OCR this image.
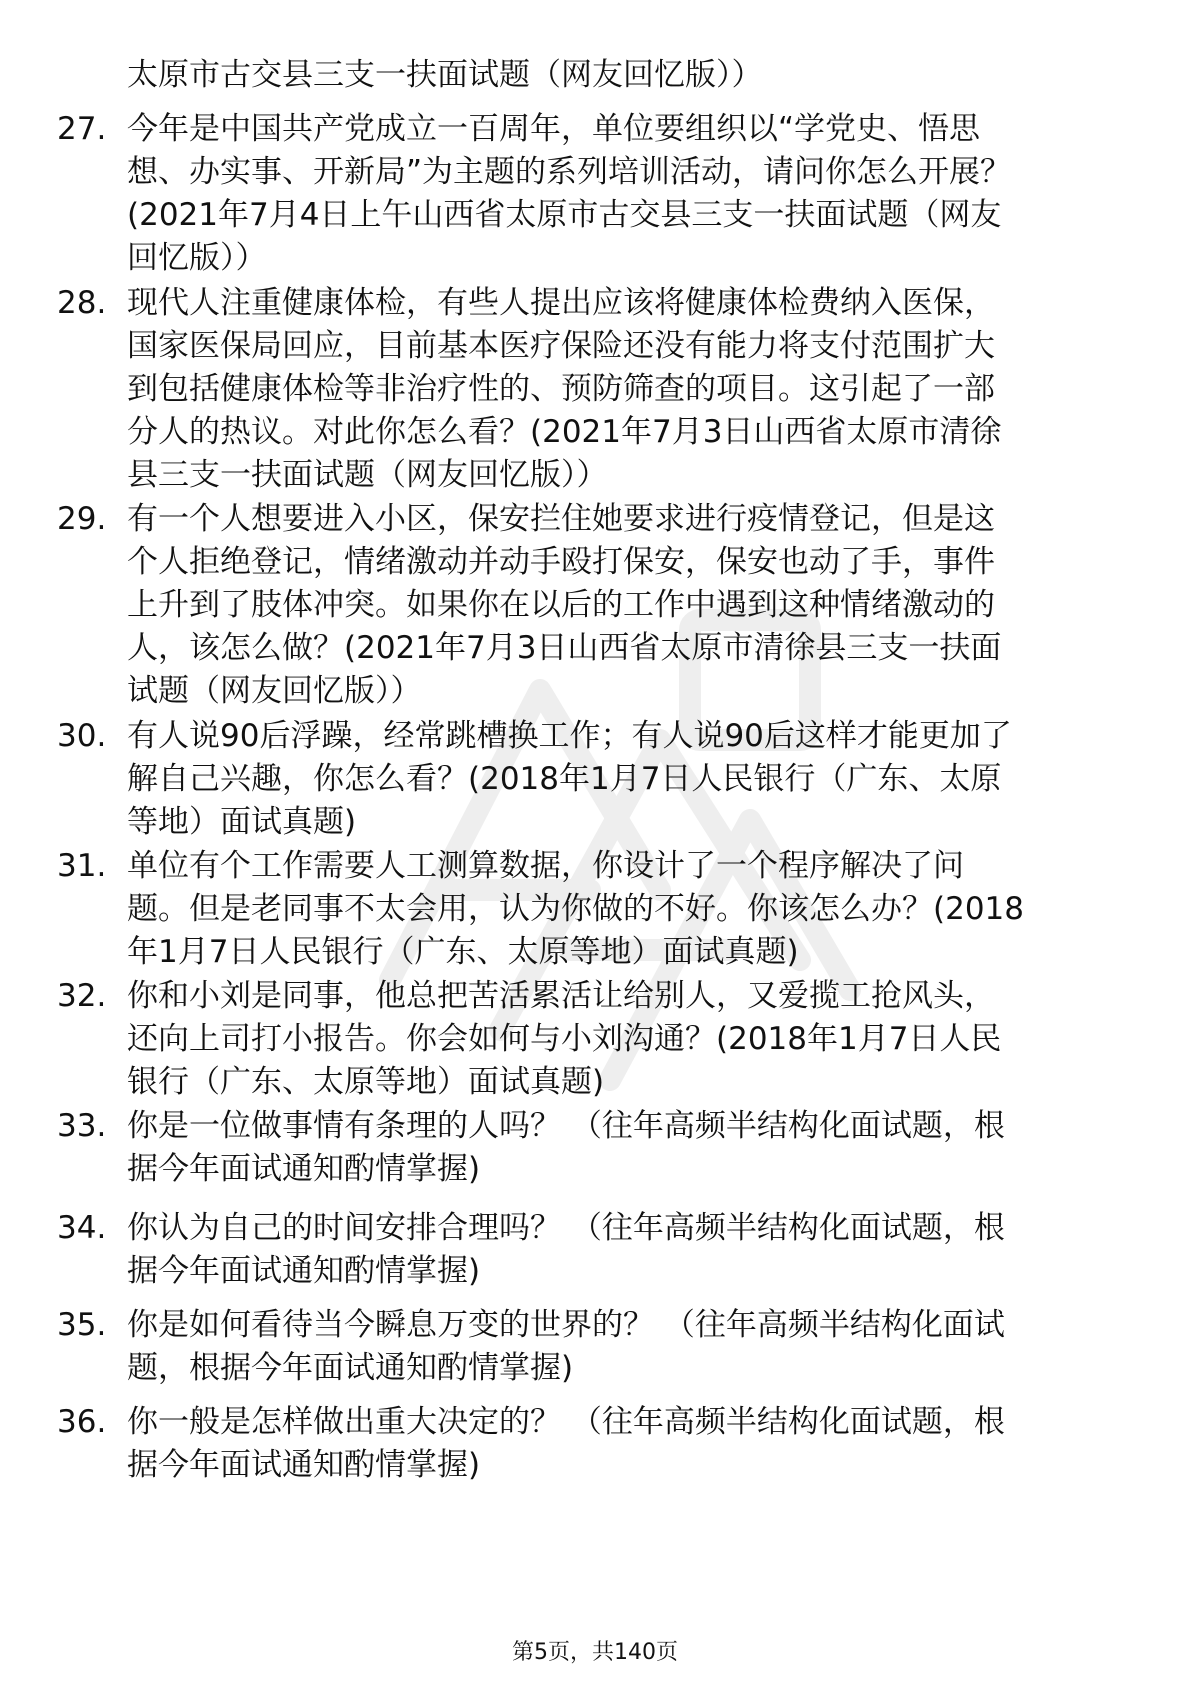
太原市古交县三支一扶面试题（网友回忆版））
27. 今年是中国共产党成立一百周年，单位要组织以“学党史、悟思
想、办实事、开新局”为主题的系列培训活动，请问你怎么开展？
(2021年7月4日上午山西省太原市古交县三支一扶面试题（网友
回忆版））
28. 现代人注重健康体检，有些人提出应该将健康体检费纳入医保，
国家医保局回应，目前基本医疗保险还没有能力将支付范围扩大
到包括健康体检等非治疗性的、预防筛查的项目。这引起了一部
分人的热议。对此你怎么看？(2021年7月3日山西省太原市清徐
县三支一扶面试题（网友回忆版））
29. 有一个人想要进入小区，保安拦住她要求进行疫情登记，但是这
个人拒绝登记，情绪激动并动手殴打保安，保安也动了手，事件
上升到了肢体冲突。如果你在以后的工作中遇到这种情绪激动的
人，该怎么做？(2021年7月3日山西省太原市清徐县三支一扶面
试题（网友回忆版））
30. 有人说90后浮躁，经常跳槽换工作；有人说90后这样才能更加了
解自己兴趣，你怎么看？(2018年1月7日人民银行（广东、太原
等地）面试真题)
31. 单位有个工作需要人工测算数据，你设计了一个程序解决了问
题。但是老同事不太会用，认为你做的不好。你该怎么办？(2018
年1月7日人民银行（广东、太原等地）面试真题)
32. 你和小刘是同事，他总把苦活累活让给别人，又爱揽工抢风头，
还向上司打小报告。你会如何与小刘沟通？(2018年1月7日人民
银行（广东、太原等地）面试真题)
33. 你是一位做事情有条理的人吗？ （往年高频半结构化面试题，根
据今年面试通知酌情掌握)
34. 你认为自己的时间安排合理吗？ （往年高频半结构化面试题，根
据今年面试通知酌情掌握)
35. 你是如何看待当今瞬息万变的世界的？ （往年高频半结构化面试
题，根据今年面试通知酌情掌握)
36. 你一般是怎样做出重大决定的？ （往年高频半结构化面试题，根
据今年面试通知酌情掌握)
第5页，共140页
